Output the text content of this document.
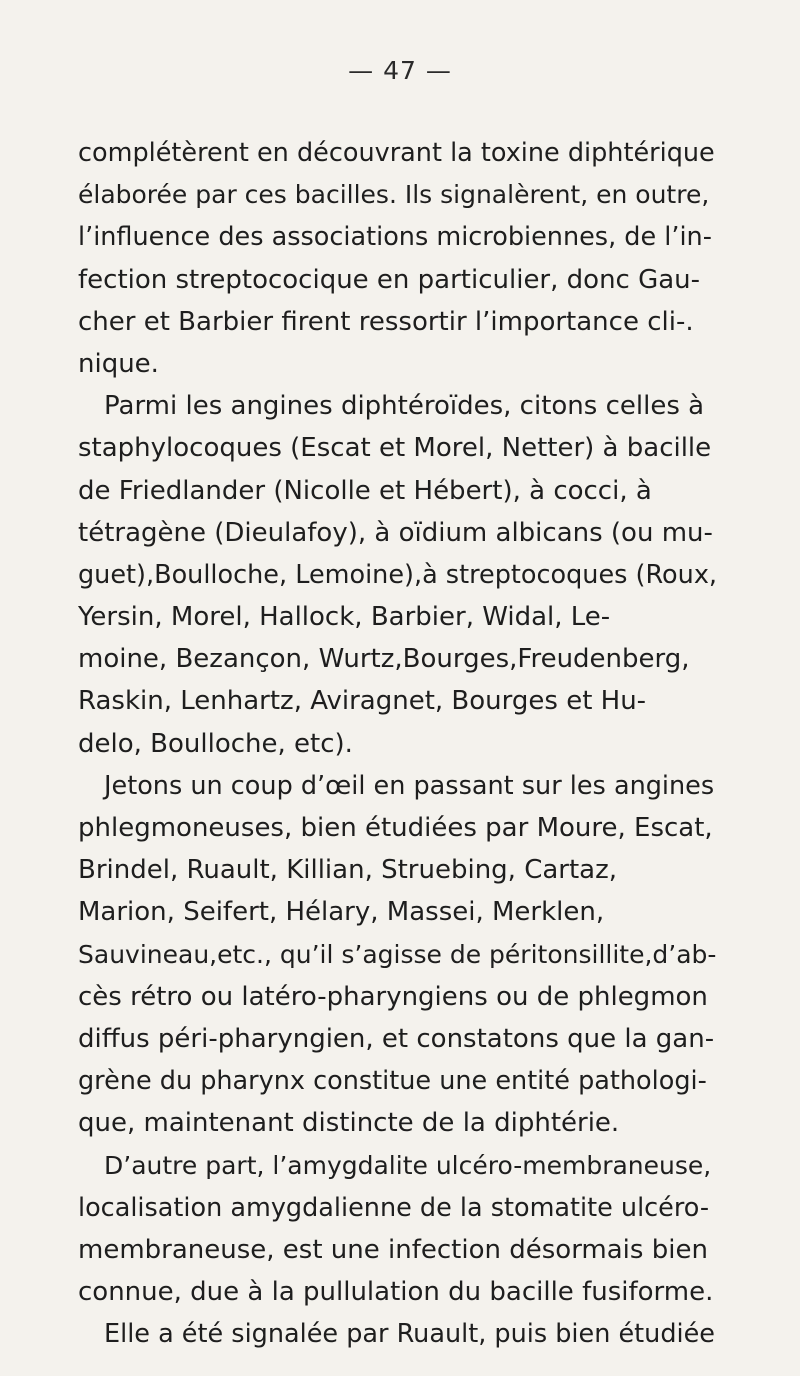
— 47 —
complétèrent en découvrant la toxine diphtérique
élaborée par ces bacilles. Ils signalèrent, en outre,
l’influence des associations microbiennes, de l’in-
fection streptococique en particulier, donc Gau-
cher et Barbier firent ressortir l’importance cli-.
nique.
Parmi les angines diphtéroïdes, citons celles à
staphylocoques (Escat et Morel, Netter) à bacille
de Friedlander (Nicolle et Hébert), à cocci, à
tétragène (Dieulafoy), à oïdium albicans (ou mu-
guet),Boulloche, Lemoine),à streptocoques (Roux,
Yersin, Morel, Hallock, Barbier, Widal, Le-
moine, Bezançon, Wurtz,Bourges,Freudenberg,
Raskin, Lenhartz, Aviragnet, Bourges et Hu-
delo, Boulloche, etc).
Jetons un coup d’œil en passant sur les angines
phlegmoneuses, bien étudiées par Moure, Escat,
Brindel, Ruault, Killian, Struebing, Cartaz,
Marion, Seifert, Hélary, Massei, Merklen,
Sauvineau,etc., qu’il s’agisse de péritonsillite,d’ab-
cès rétro ou latéro-pharyngiens ou de phlegmon
diffus péri-pharyngien, et constatons que la gan-
grène du pharynx constitue une entité pathologi-
que, maintenant distincte de la diphtérie.
D’autre part, l’amygdalite ulcéro-membraneuse,
localisation amygdalienne de la stomatite ulcéro-
membraneuse, est une infection désormais bien
connue, due à la pullulation du bacille fusiforme.
Elle a été signalée par Ruault, puis bien étudiée
